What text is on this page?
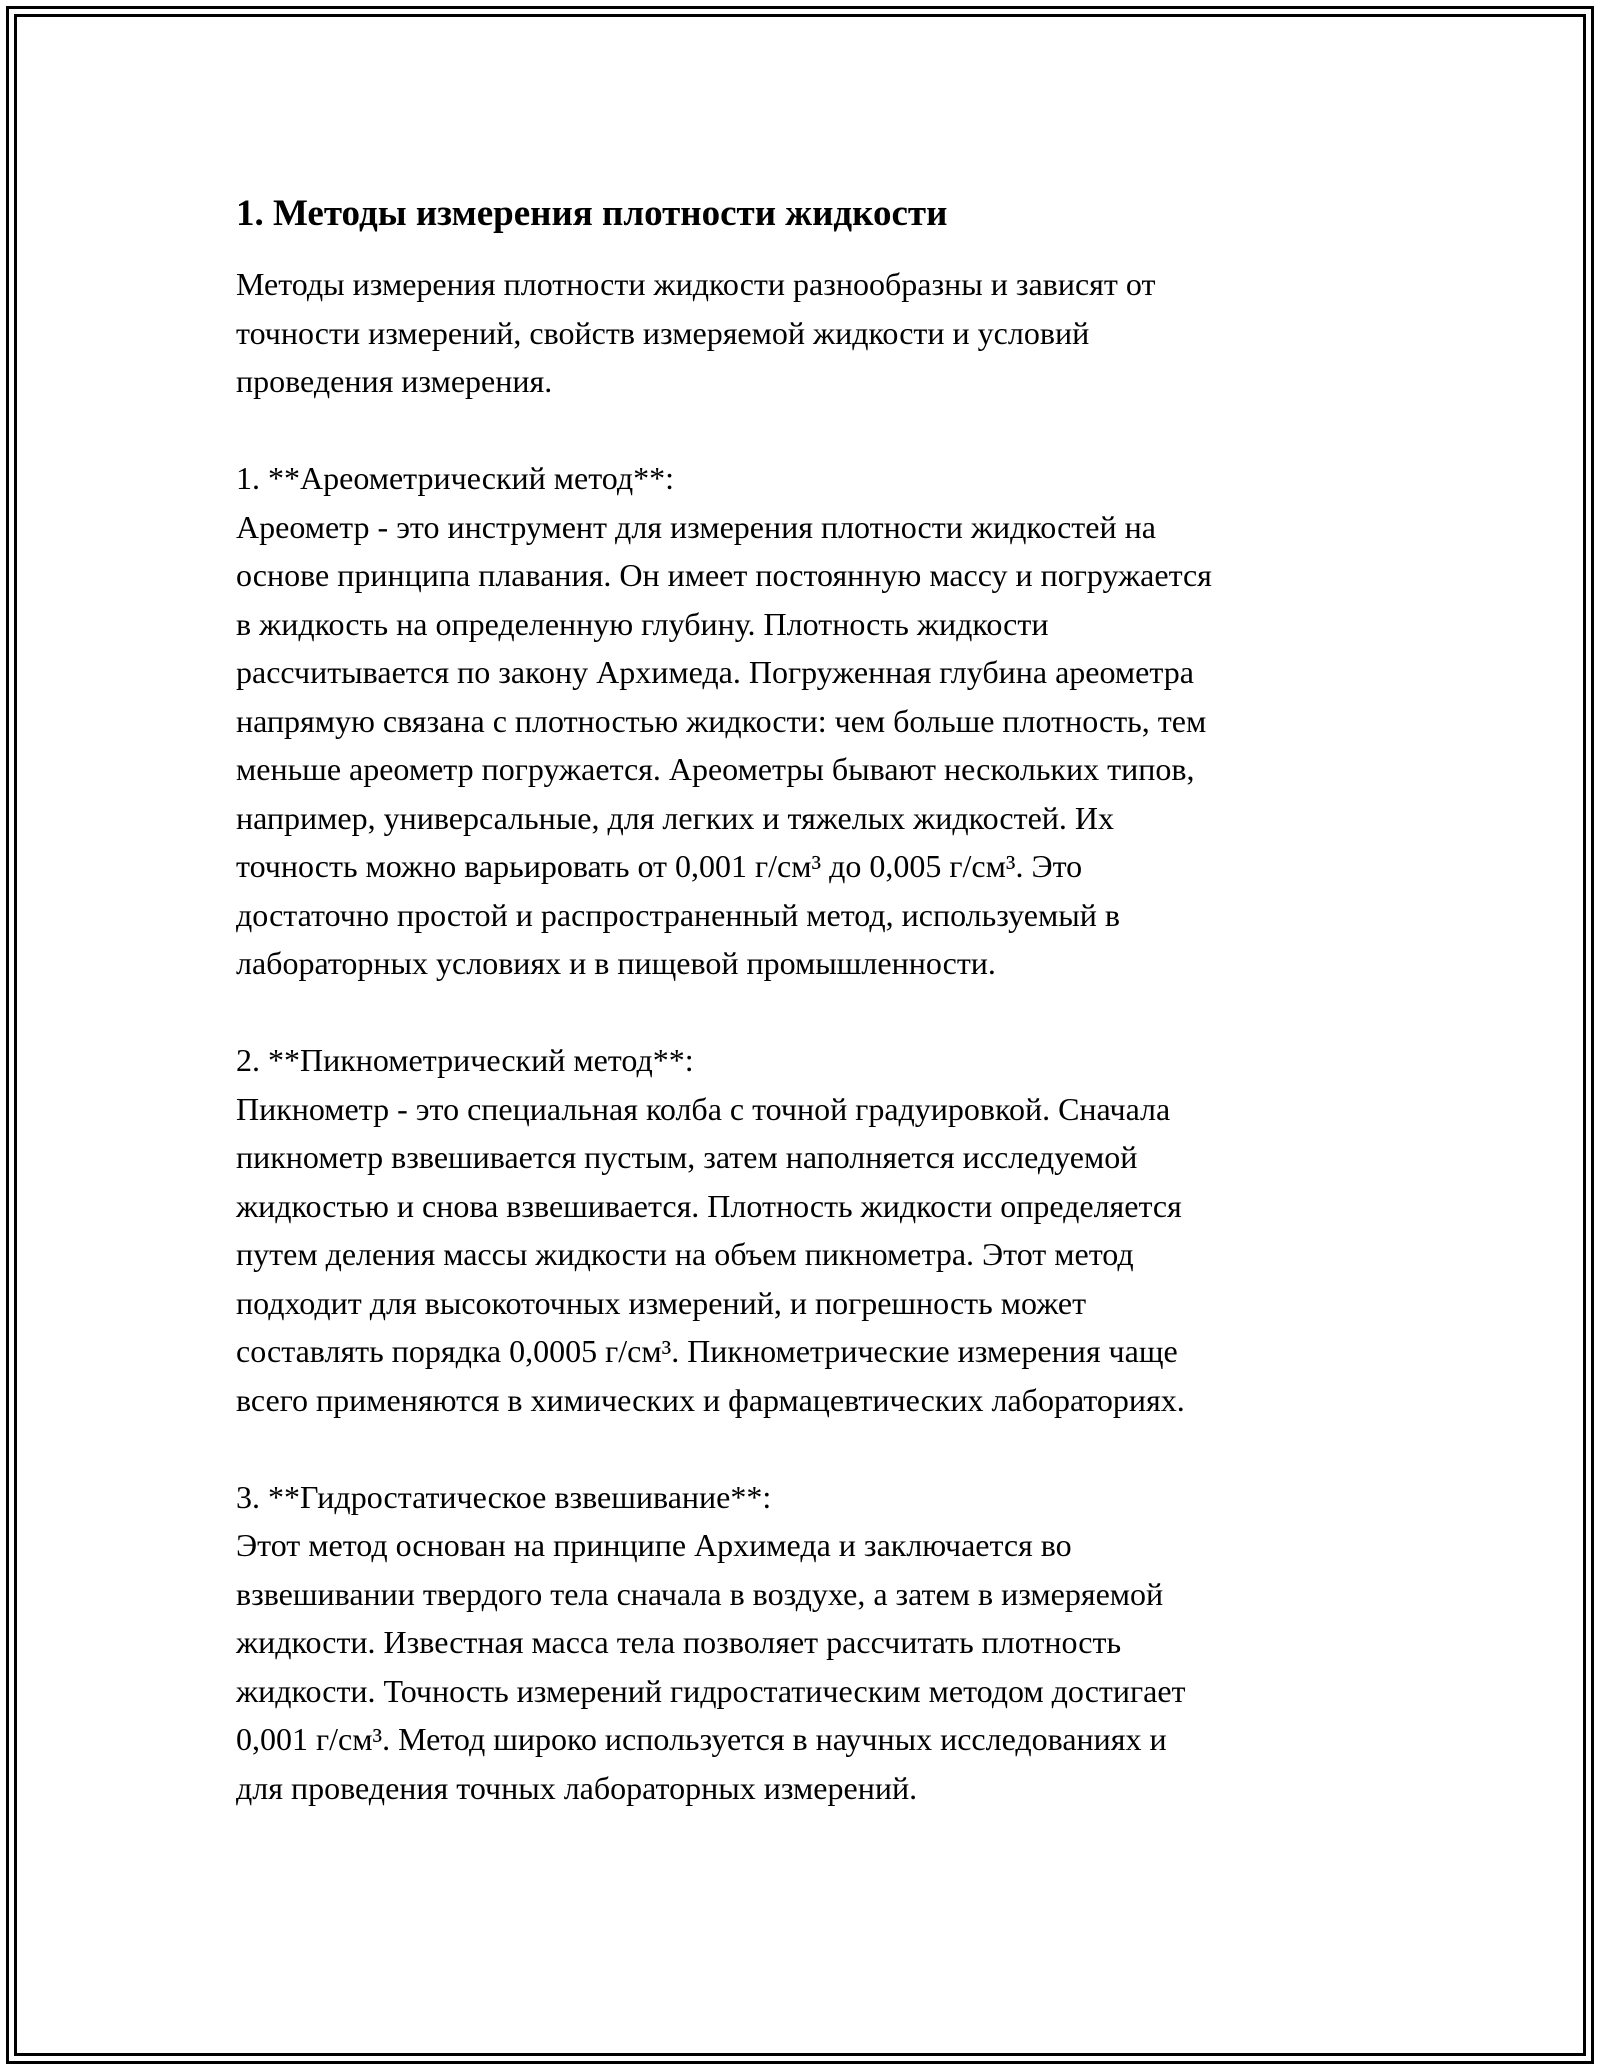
1. Методы измерения плотности жидкости

Методы измерения плотности жидкости разнообразны и зависят от
точности измерений, свойств измеряемой жидкости и условий
проведения измерения.

1. **Ареометрический метод**:
Ареометр - это инструмент для измерения плотности жидкостей на
основе принципа плавания. Он имеет постоянную массу и погружается
в жидкость на определенную глубину. Плотность жидкости
рассчитывается по закону Архимеда. Погруженная глубина ареометра
напрямую связана с плотностью жидкости: чем больше плотность, тем
меньше ареометр погружается. Ареометры бывают нескольких типов,
например, универсальные, для легких и тяжелых жидкостей. Их
точность можно варьировать от 0,001 г/см³ до 0,005 г/см³. Это
достаточно простой и распространенный метод, используемый в
лабораторных условиях и в пищевой промышленности.

2. **Пикнометрический метод**:
Пикнометр - это специальная колба с точной градуировкой. Сначала
пикнометр взвешивается пустым, затем наполняется исследуемой
жидкостью и снова взвешивается. Плотность жидкости определяется
путем деления массы жидкости на объем пикнометра. Этот метод
подходит для высокоточных измерений, и погрешность может
составлять порядка 0,0005 г/см³. Пикнометрические измерения чаще
всего применяются в химических и фармацевтических лабораториях.

3. **Гидростатическое взвешивание**:
Этот метод основан на принципе Архимеда и заключается во
взвешивании твердого тела сначала в воздухе, а затем в измеряемой
жидкости. Известная масса тела позволяет рассчитать плотность
жидкости. Точность измерений гидростатическим методом достигает
0,001 г/см³. Метод широко используется в научных исследованиях и
для проведения точных лабораторных измерений.
